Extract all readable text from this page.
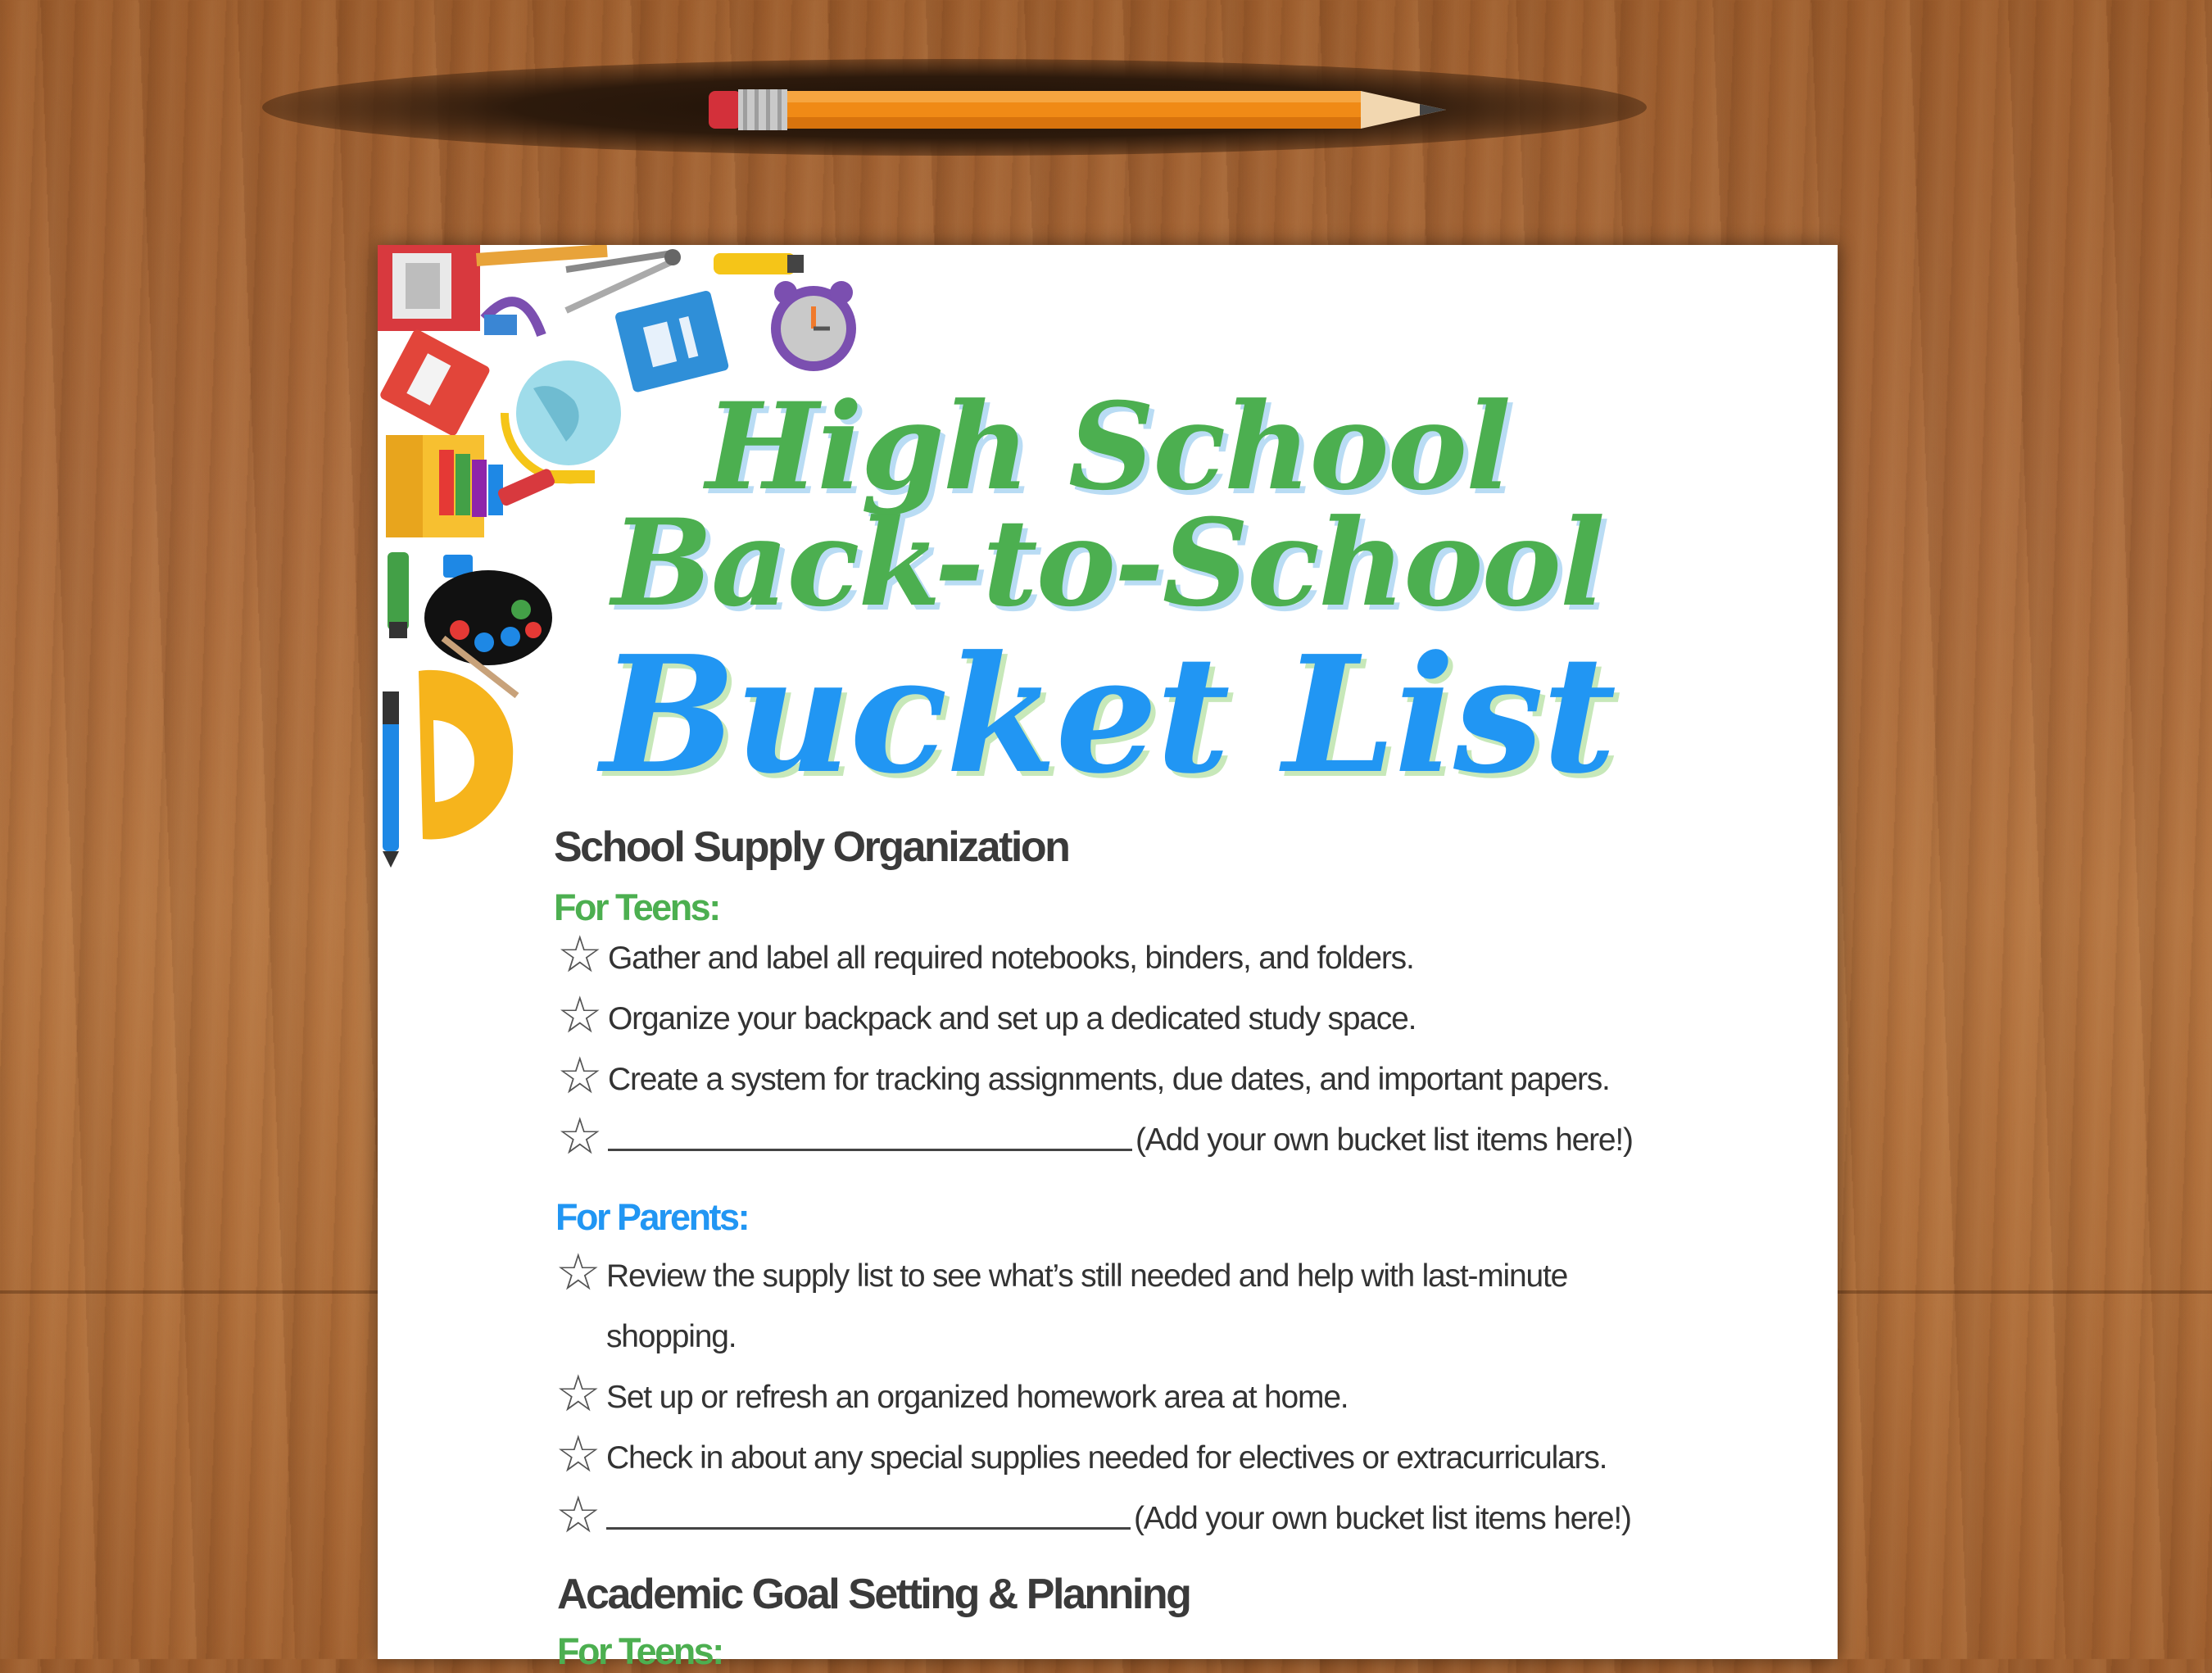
High School
Back-to-School
Bucket List
School Supply Organization
For Teens:
☆ Gather and label all required notebooks, binders, and folders.
☆ Organize your backpack and set up a dedicated study space.
☆ Create a system for tracking assignments, due dates, and important papers.
☆	(Add your own bucket list items here!)
For Parents:
☆ Review the supply list to see what’s still needed and help with last-minute
shopping.
☆ Set up or refresh an organized homework area at home.
☆ Check in about any special supplies needed for electives or extracurriculars.
☆	(Add your own bucket list items here!)
Academic Goal Setting & Planning
For Teens:
